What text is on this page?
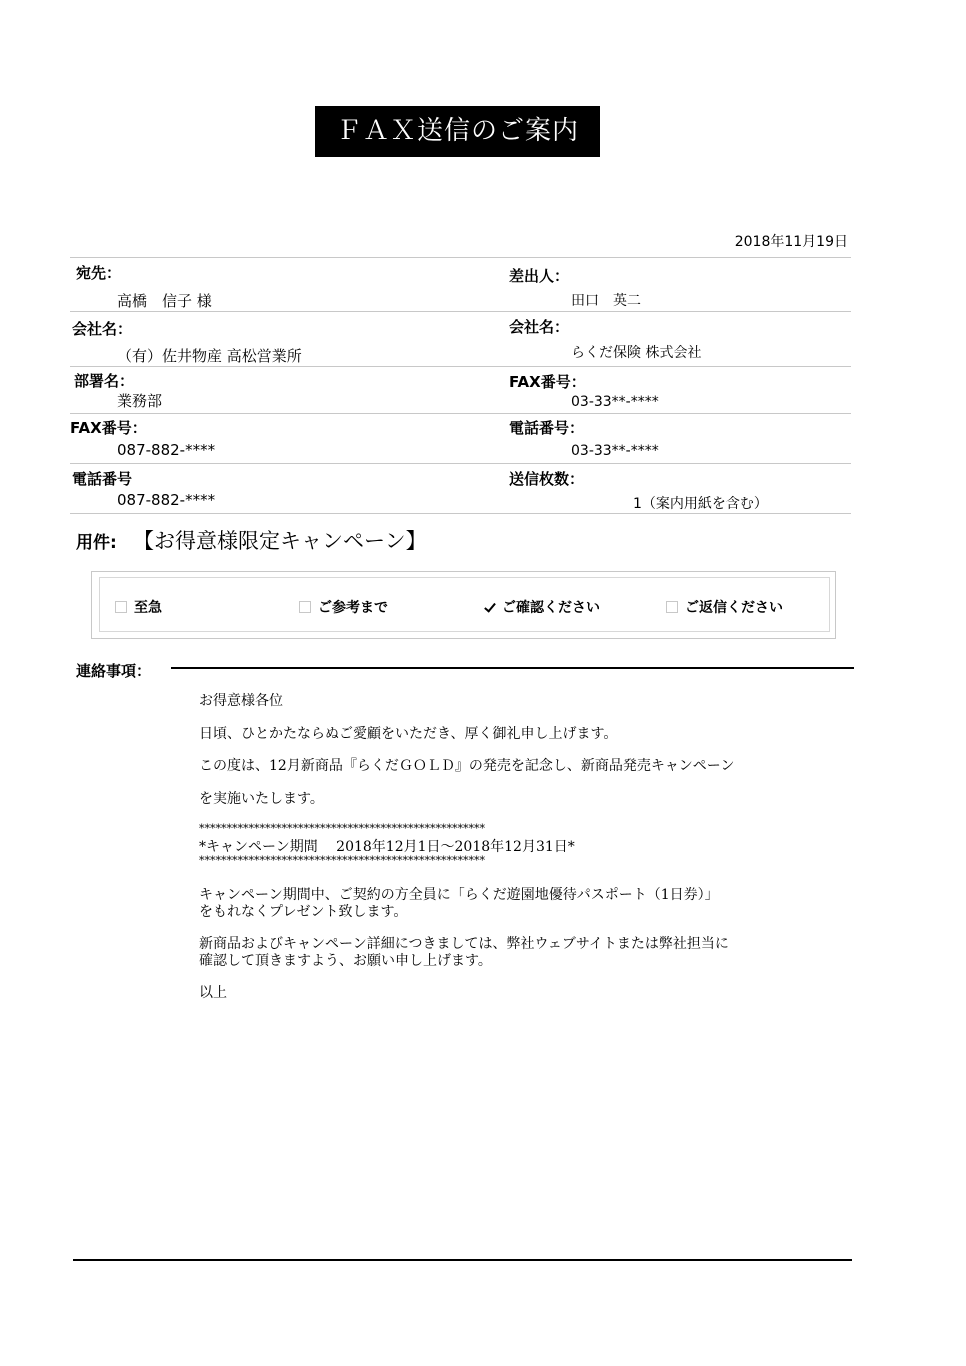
ＦＡＸ送信のご案内
2018年11月19日
宛先：
高橋　信子 様
会社名：
（有）佐井物産 高松営業所
部署名：
業務部
FAX番号：
087-882-****
電話番号
087-882-****
差出人：
田口　英二
会社名：
らくだ保険 株式会社
FAX番号：
03-33**-****
電話番号：
03-33**-****
送信枚数：
1（案内用紙を含む）
用件: 【お得意様限定キャンペーン】
至急	ご参考まで	ご確認ください	ご返信ください
連絡事項：
お得意様各位
日頃、ひとかたならぬご愛顧をいただき、厚く御礼申し上げます。
この度は、12月新商品『らくだＧＯＬＤ』の発売を記念し、新商品発売キャンペーン
を実施いたします。
****************************************************
*キャンペーン期間　 2018年12月1日～2018年12月31日*
****************************************************
キャンペーン期間中、ご契約の方全員に「らくだ遊園地優待パスポート（1日券）」
をもれなくプレゼント致します。
新商品およびキャンペーン詳細につきましては、弊社ウェブサイトまたは弊社担当に
確認して頂きますよう、お願い申し上げます。
以上
